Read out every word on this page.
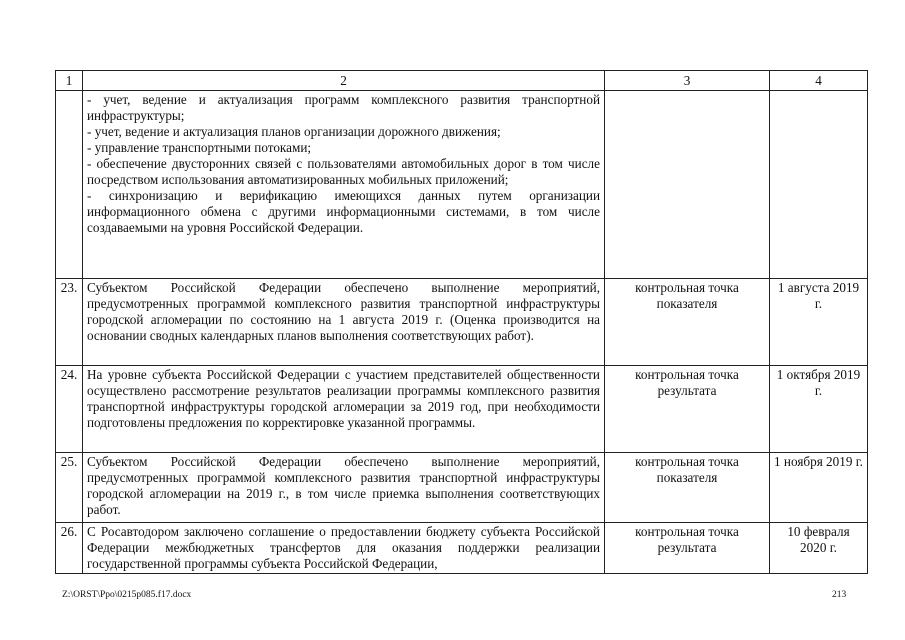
1	2	3	4

	- учет, ведение и актуализация программ комплексного развития транспортной инфраструктуры;
- учет, ведение и актуализация планов организации дорожного движения;
- управление транспортными потоками;
- обеспечение двусторонних связей с пользователями автомобильных дорог в том числе посредством использования автоматизированных мобильных приложений;
- синхронизацию и верификацию имеющихся данных путем организации информационного обмена с другими информационными системами, в том числе создаваемыми на уровня Российской Федерации.		

23.	Субъектом Российской Федерации обеспечено выполнение мероприятий, предусмотренных программой комплексного развития транспортной инфраструктуры городской агломерации по состоянию на 1 августа 2019 г. (Оценка производится на основании сводных календарных планов выполнения соответствующих работ).	контрольная точка показателя	1 августа 2019 г.
24.	На уровне субъекта Российской Федерации с участием представителей общественности осуществлено рассмотрение результатов реализации программы комплексного развития транспортной инфраструктуры городской агломерации за 2019 год, при необходимости подготовлены предложения по корректировке указанной программы.	контрольная точка результата	1 октября 2019 г.
25.	Субъектом Российской Федерации обеспечено выполнение мероприятий, предусмотренных программой комплексного развития транспортной инфраструктуры городской агломерации на 2019 г., в том числе приемка выполнения соответствующих работ.	контрольная точка показателя	1 ноября 2019 г.
26.	С Росавтодором заключено соглашение о предоставлении бюджету субъекта Российской Федерации межбюджетных трансфертов для оказания поддержки реализации государственной программы субъекта Российской Федерации,	контрольная точка результата	10 февраля 2020 г.
Z:\ORST\Ppo\0215p085.f17.docx	213
